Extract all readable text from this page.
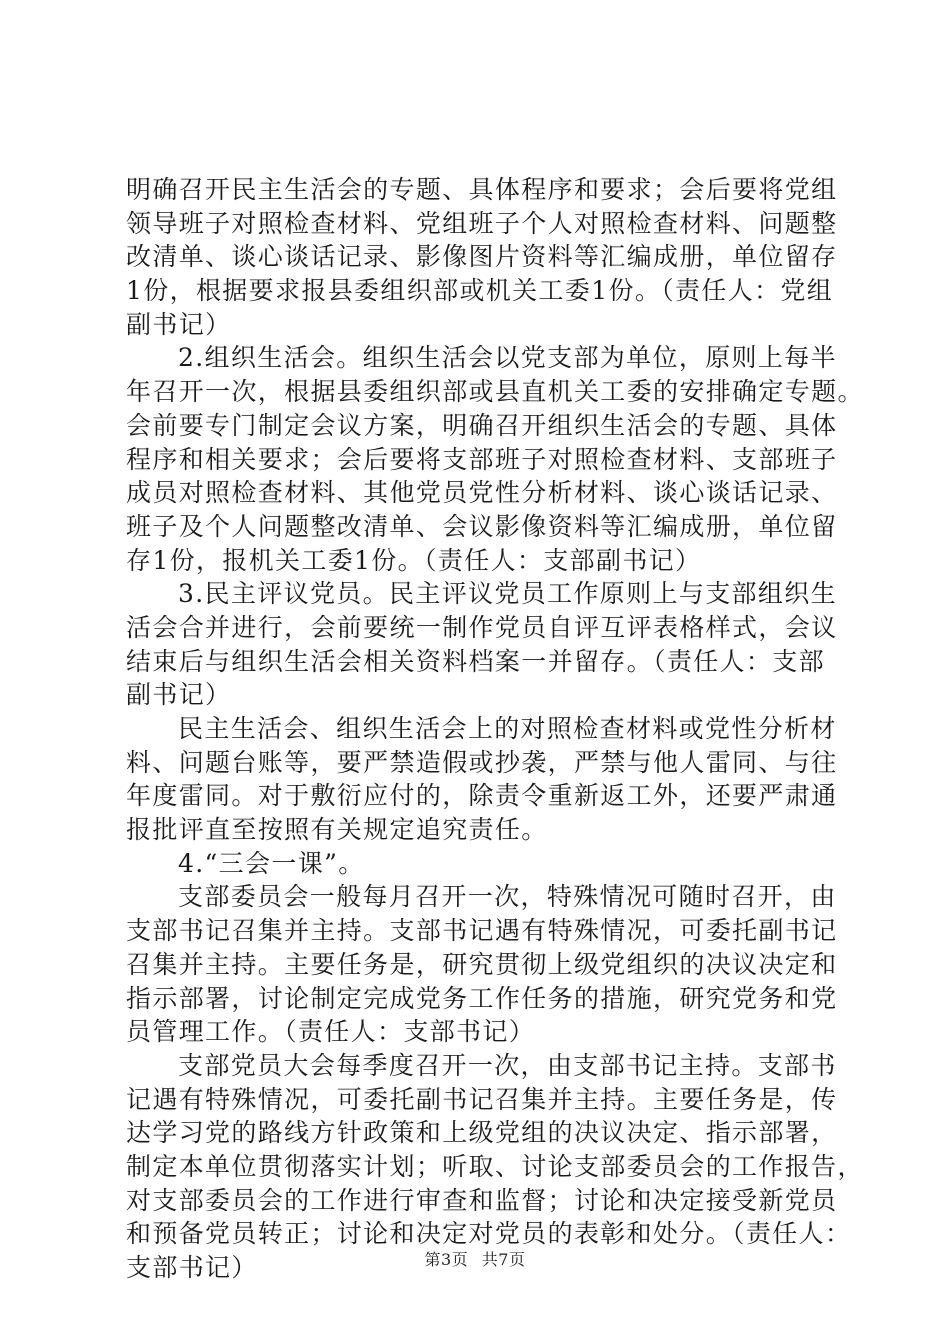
明确召开民主生活会的专题、具体程序和要求；会后要将党组
领导班子对照检查材料、党组班子个人对照检查材料、问题整
改清单、谈心谈话记录、影像图片资料等汇编成册，单位留存
1份，根据要求报县委组织部或机关工委1份。（责任人：党组
副书记）
2.组织生活会。组织生活会以党支部为单位，原则上每半
年召开一次，根据县委组织部或县直机关工委的安排确定专题。
会前要专门制定会议方案，明确召开组织生活会的专题、具体
程序和相关要求；会后要将支部班子对照检查材料、支部班子
成员对照检查材料、其他党员党性分析材料、谈心谈话记录、
班子及个人问题整改清单、会议影像资料等汇编成册，单位留
存1份，报机关工委1份。（责任人：支部副书记）
3.民主评议党员。民主评议党员工作原则上与支部组织生
活会合并进行，会前要统一制作党员自评互评表格样式，会议
结束后与组织生活会相关资料档案一并留存。（责任人：支部
副书记）
民主生活会、组织生活会上的对照检查材料或党性分析材
料、问题台账等，要严禁造假或抄袭，严禁与他人雷同、与往
年度雷同。对于敷衍应付的，除责令重新返工外，还要严肃通
报批评直至按照有关规定追究责任。
4.“三会一课”。
支部委员会一般每月召开一次，特殊情况可随时召开，由
支部书记召集并主持。支部书记遇有特殊情况，可委托副书记
召集并主持。主要任务是，研究贯彻上级党组织的决议决定和
指示部署，讨论制定完成党务工作任务的措施，研究党务和党
员管理工作。（责任人：支部书记）
支部党员大会每季度召开一次，由支部书记主持。支部书
记遇有特殊情况，可委托副书记召集并主持。主要任务是，传
达学习党的路线方针政策和上级党组的决议决定、指示部署，
制定本单位贯彻落实计划；听取、讨论支部委员会的工作报告，
对支部委员会的工作进行审查和监督；讨论和决定接受新党员
和预备党员转正；讨论和决定对党员的表彰和处分。（责任人：
支部书记）	第3页 共7页
